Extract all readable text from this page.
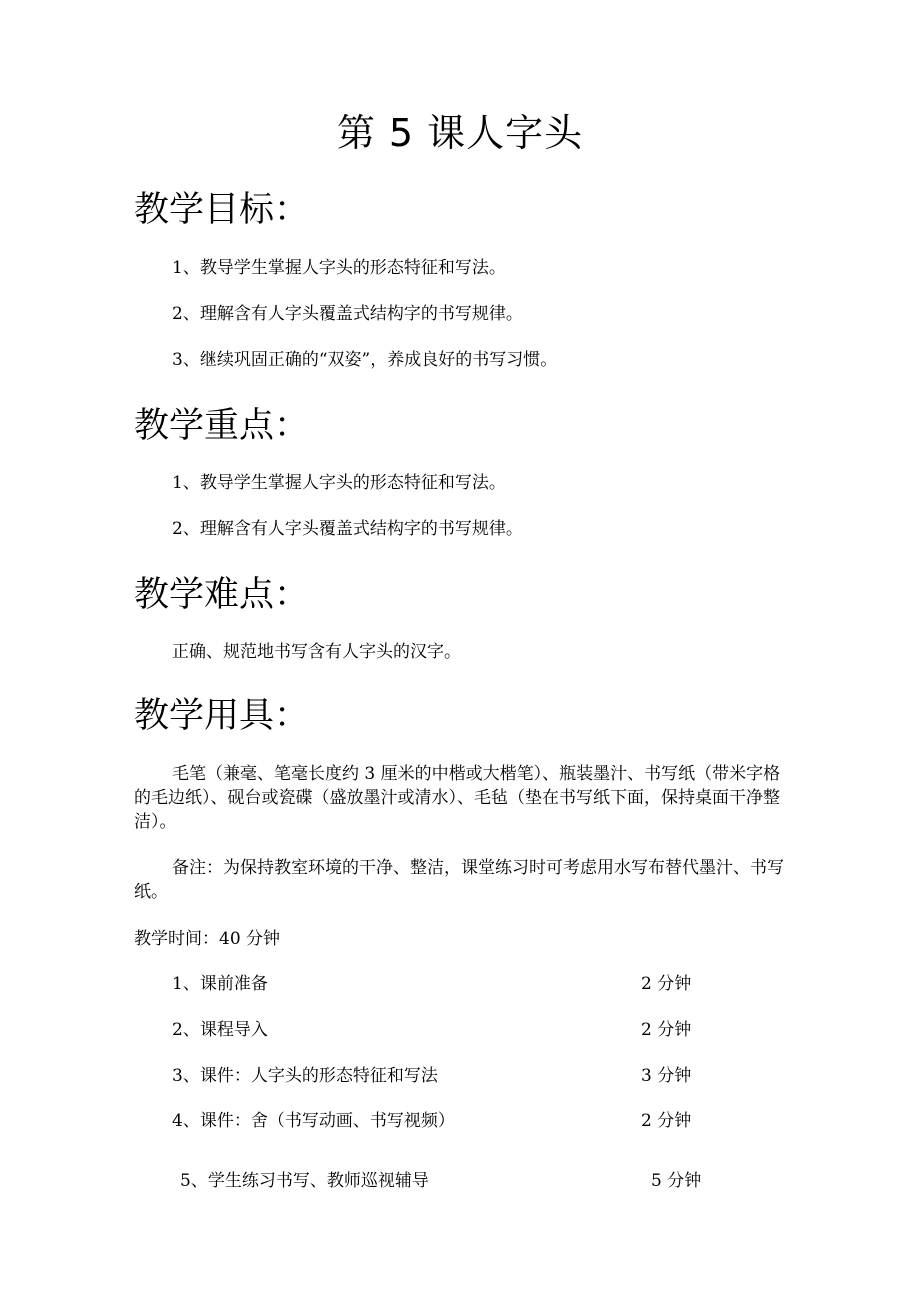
第 5 课人字头
教学目标：
1、教导学生掌握人字头的形态特征和写法。
2、理解含有人字头覆盖式结构字的书写规律。
3、继续巩固正确的“双姿”，养成良好的书写习惯。
教学重点：
1、教导学生掌握人字头的形态特征和写法。
2、理解含有人字头覆盖式结构字的书写规律。
教学难点：
正确、规范地书写含有人字头的汉字。
教学用具：
毛笔（兼毫、笔毫长度约 3 厘米的中楷或大楷笔）、瓶装墨汁、书写纸（带米字格的毛边纸）、砚台或瓷碟（盛放墨汁或清水）、毛毡（垫在书写纸下面，保持桌面干净整洁）。
备注：为保持教室环境的干净、整洁，课堂练习时可考虑用水写布替代墨汁、书写纸。
教学时间：40 分钟
1、课前准备	2 分钟
2、课程导入	2 分钟
3、课件：人字头的形态特征和写法	3 分钟
4、课件：舍（书写动画、书写视频）	2 分钟
5、学生练习书写、教师巡视辅导	5 分钟
